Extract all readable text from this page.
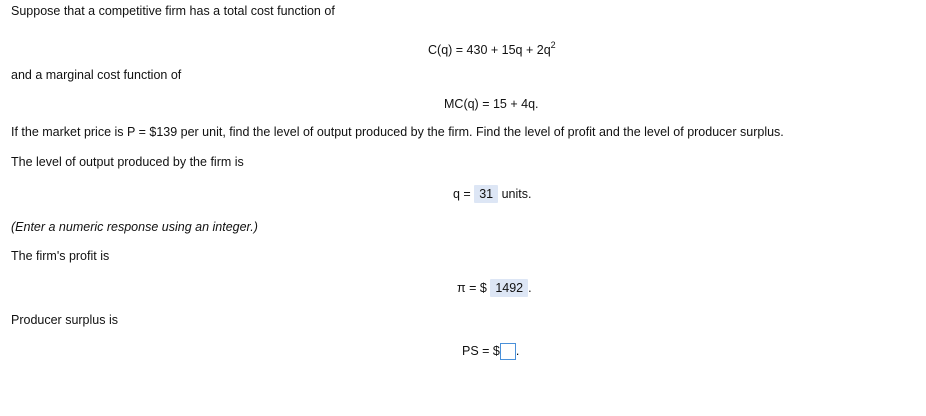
Suppose that a competitive firm has a total cost function of
$C(q) = 430 + 15q + 2q^2$
and a marginal cost function of
MC(q) = 15 + 4q.
If the market price is P = $139 per unit, find the level of output produced by the firm. Find the level of profit and the level of producer surplus.
The level of output produced by the firm is
q = 31 units.
(Enter a numeric response using an integer.)
The firm's profit is
π = $ 1492 .
Producer surplus is
PS = $ .
